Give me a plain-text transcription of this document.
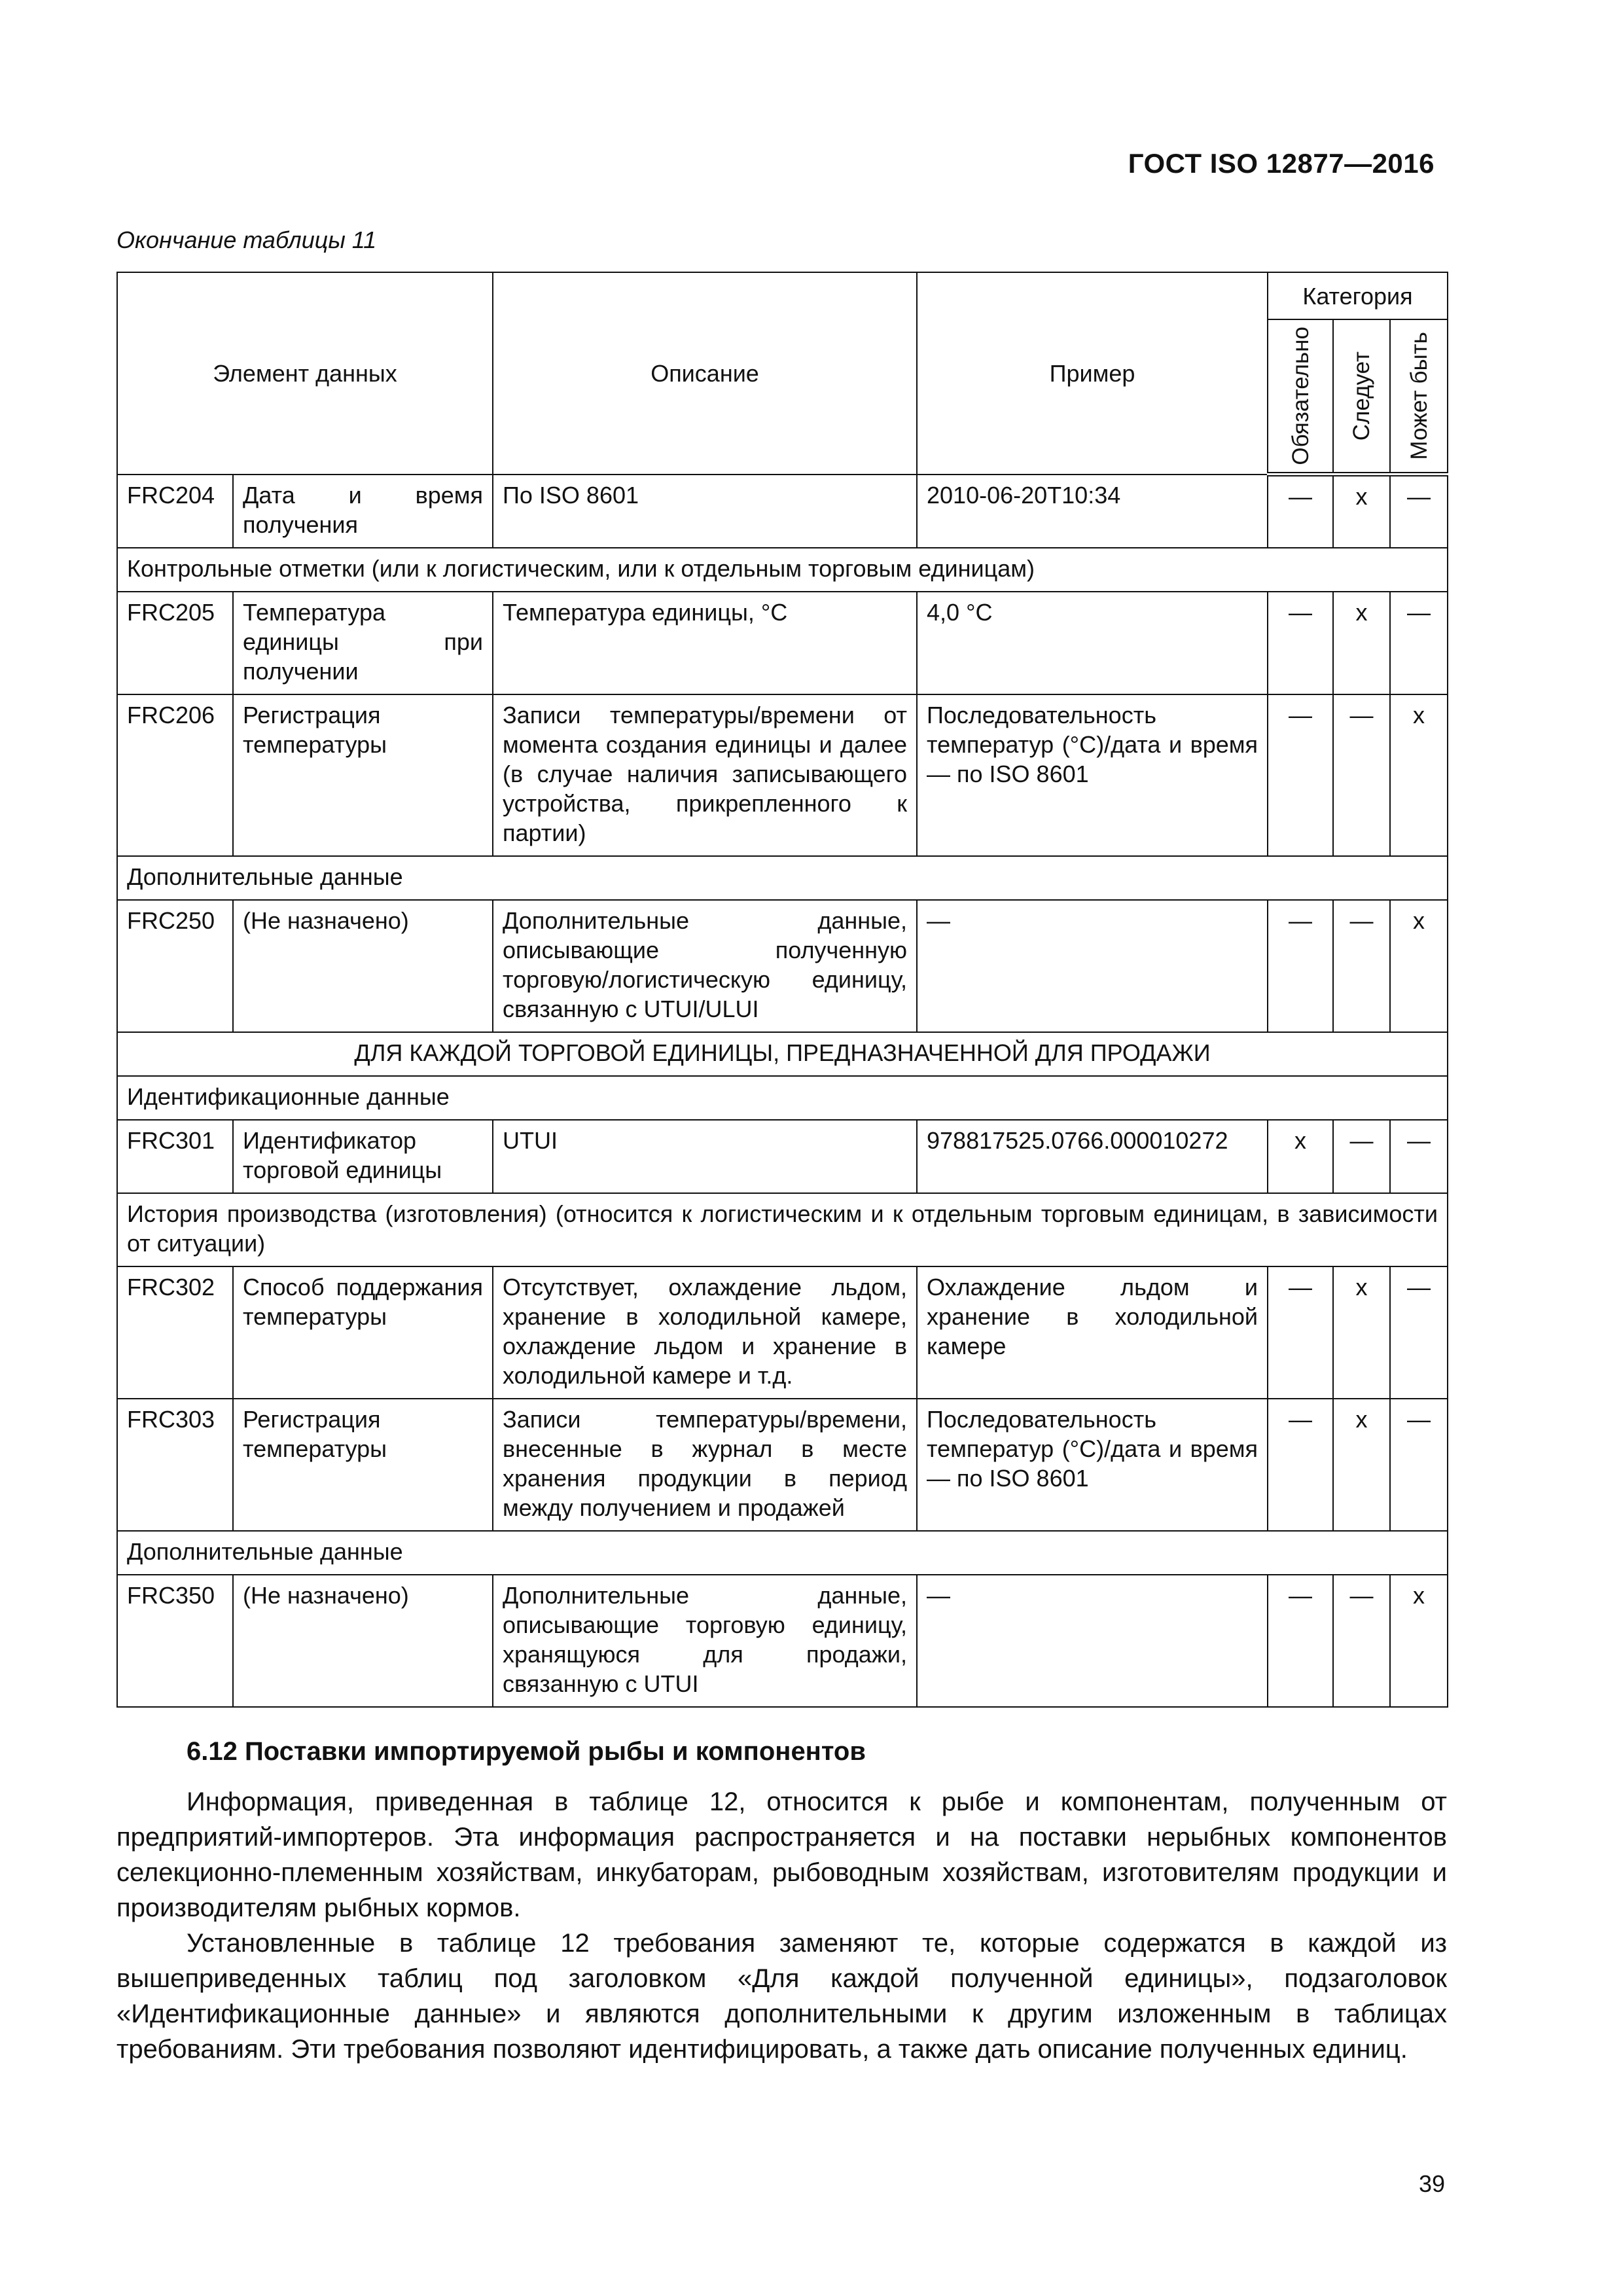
ГОСТ ISO 12877—2016
Окончание таблицы 11
Элемент данных		Описание	Пример	Категория		

				Обязательно	Следует	Может быть

FRC204	Дата и время получения	По ISO 8601	2010-06-20T10:34	—	x	—
Контрольные отметки (или к логистическим, или к отдельным торговым единицам)						
FRC205	Температура единицы при получении	Температура единицы, °C	4,0 °C	—	x	—
FRC206	Регистрация температуры	Записи температуры/времени от момента создания единицы и далее (в случае наличия записывающего устройства, прикрепленного к партии)	Последовательность температур (°C)/дата и время — по ISO 8601	—	—	x
Дополнительные данные						
FRC250	(Не назначено)	Дополнительные данные, описывающие полученную торговую/логистическую единицу, связанную с UTUI/ULUI	—	—	—	x
ДЛЯ КАЖДОЙ ТОРГОВОЙ ЕДИНИЦЫ, ПРЕДНАЗНАЧЕННОЙ ДЛЯ ПРОДАЖИ						
Идентификационные данные						
FRC301	Идентификатор торговой единицы	UTUI	978817525.0766.000010272	x	—	—
История производства (изготовления) (относится к логистическим и к отдельным торговым единицам, в зависимости от ситуации)						
FRC302	Способ поддержания температуры	Отсутствует, охлаждение льдом, хранение в холодильной камере, охлаждение льдом и хранение в холодильной камере и т.д.	Охлаждение льдом и хранение в холодильной камере	—	x	—
FRC303	Регистрация температуры	Записи температуры/времени, внесенные в журнал в месте хранения продукции в период между получением и продажей	Последовательность температур (°C)/дата и время — по ISO 8601	—	x	—
Дополнительные данные						
FRC350	(Не назначено)	Дополнительные данные, описывающие торговую единицу, хранящуюся для продажи, связанную с UTUI	—	—	—	x
6.12 Поставки импортируемой рыбы и компонентов

Информация, приведенная в таблице 12, относится к рыбе и компонентам, полученным от предприятий-импортеров. Эта информация распространяется и на поставки нерыбных компонентов селекционно-племенным хозяйствам, инкубаторам, рыбоводным хозяйствам, изготовителям продукции и производителям рыбных кормов.

Установленные в таблице 12 требования заменяют те, которые содержатся в каждой из вышеприведенных таблиц под заголовком «Для каждой полученной единицы», подзаголовок «Идентификационные данные» и являются дополнительными к другим изложенным в таблицах требованиям. Эти требования позволяют идентифицировать, а также дать описание полученных единиц.

39
